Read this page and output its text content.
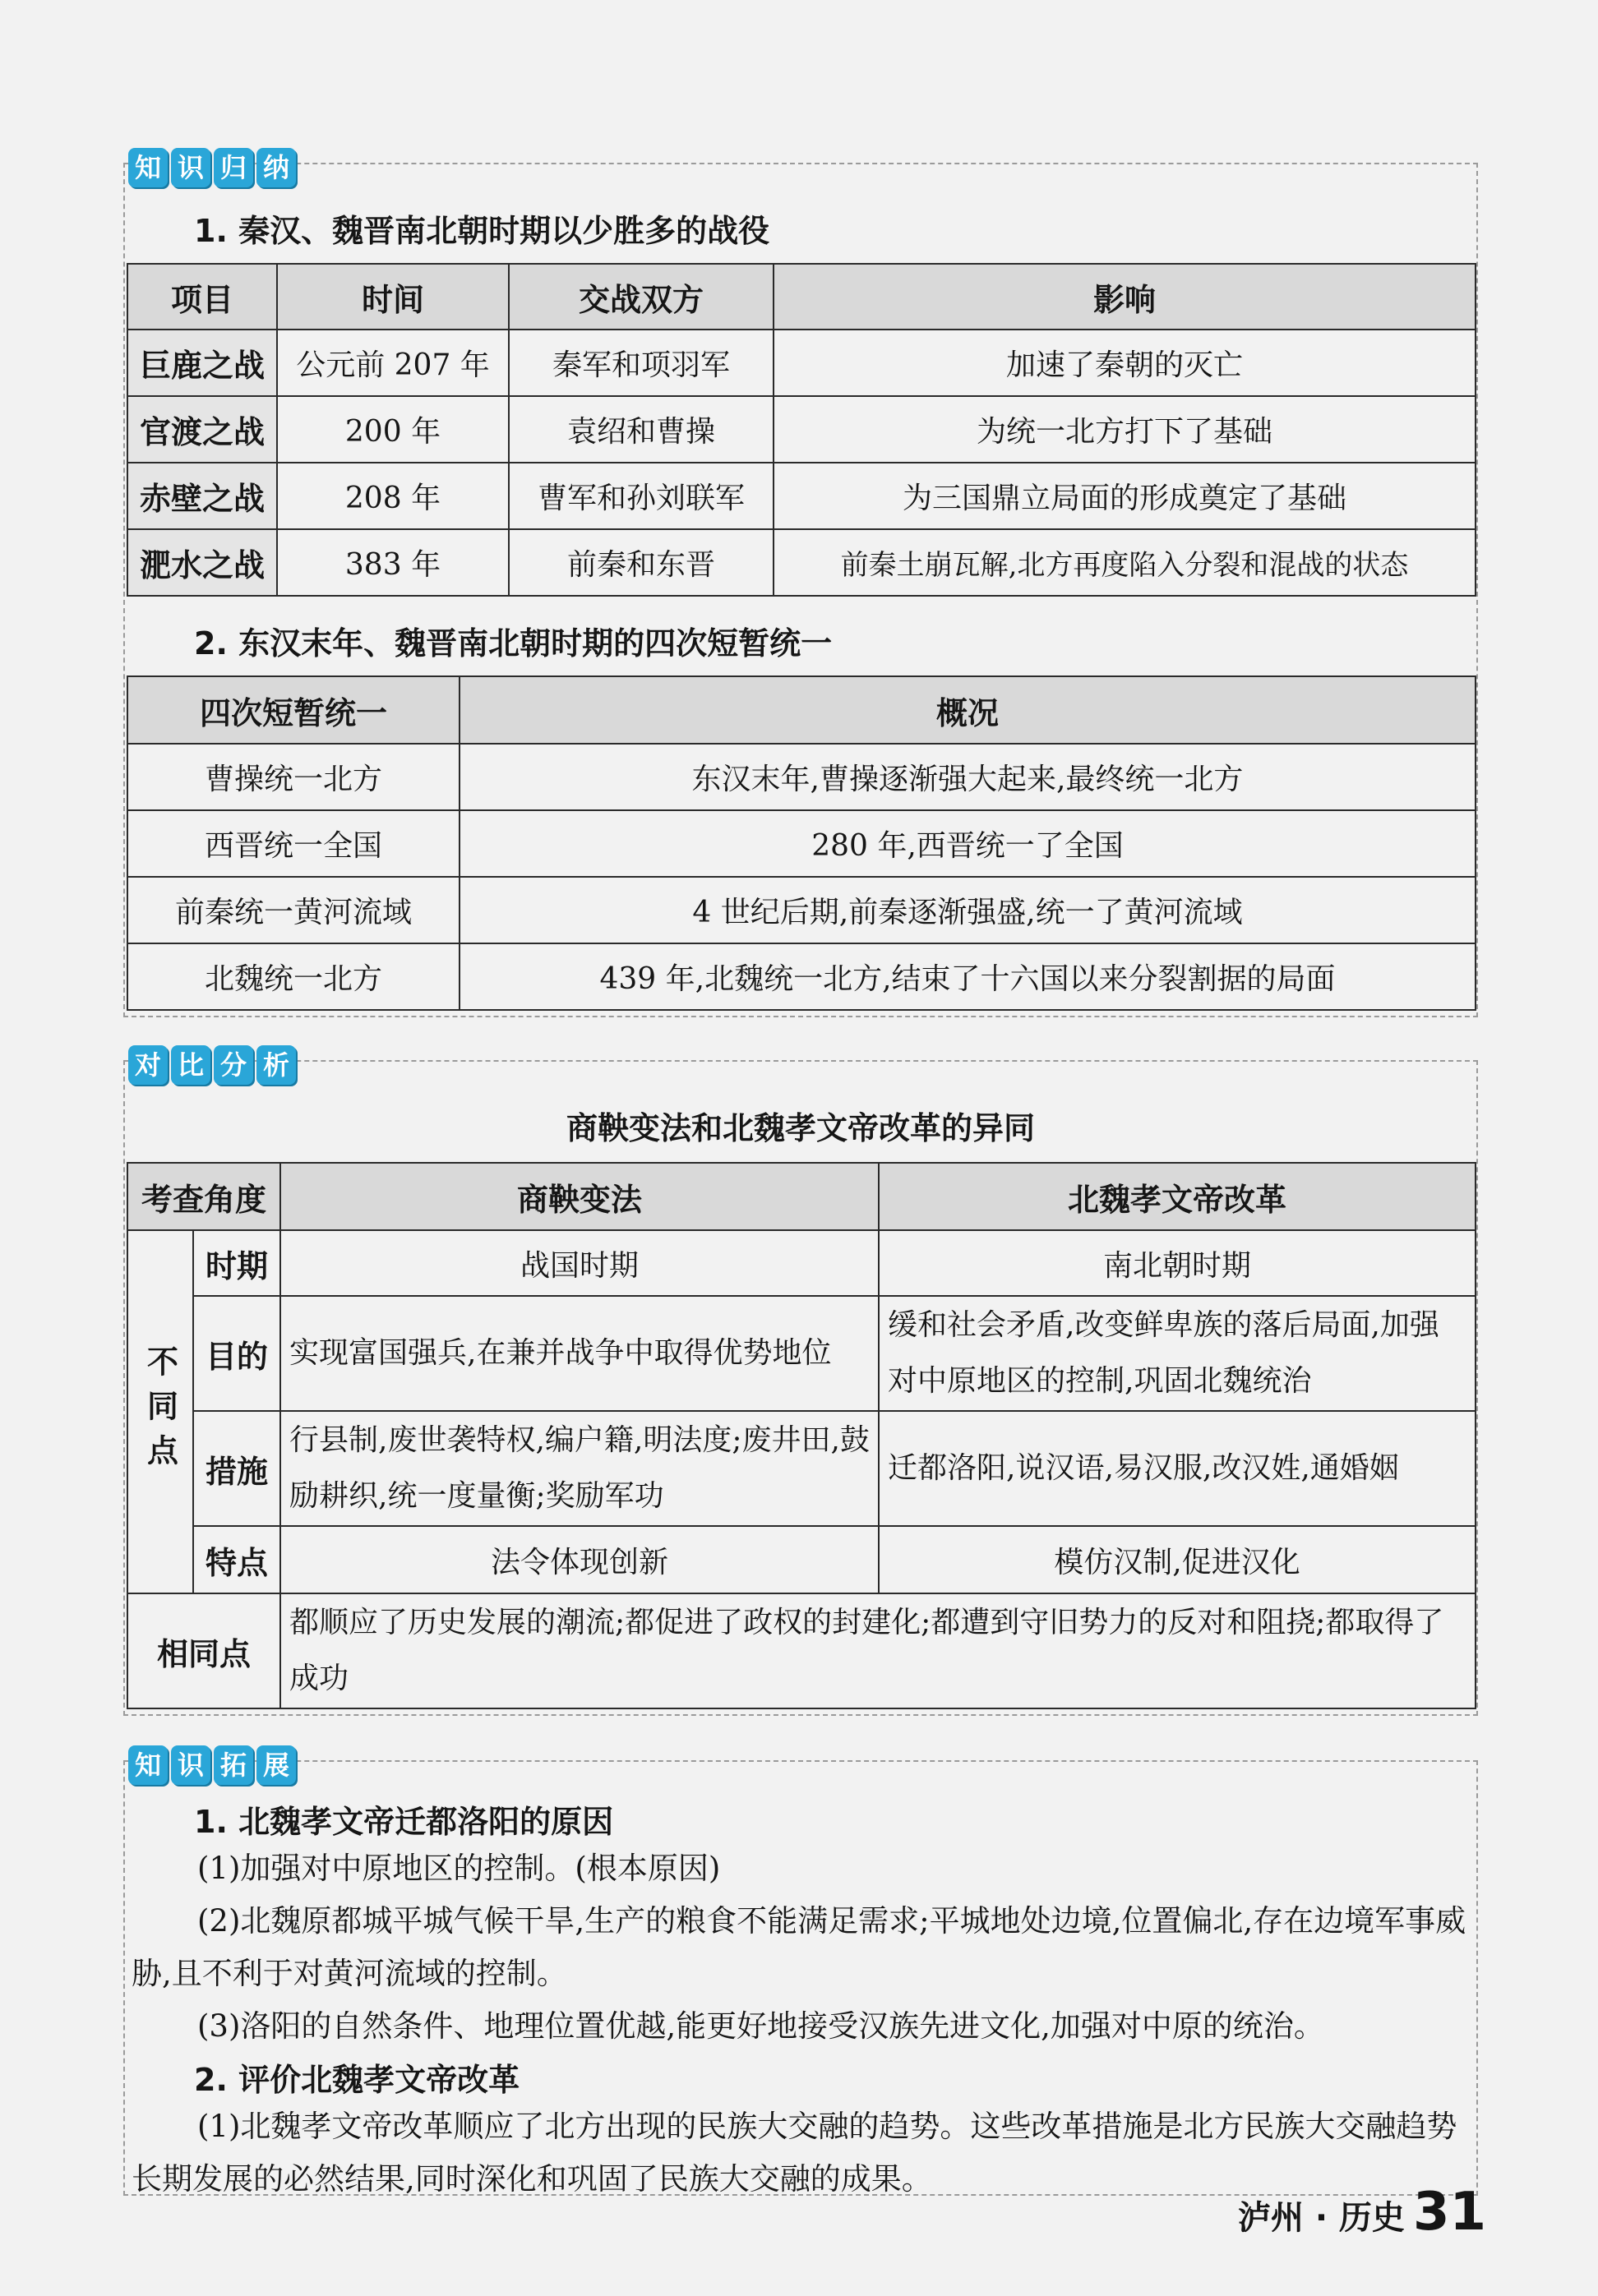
知 识 归 纳
1. 秦汉、魏晋南北朝时期以少胜多的战役
项目	时间	交战双方	影响
巨鹿之战	公元前 207 年	秦军和项羽军	加速了秦朝的灭亡
官渡之战	200 年	袁绍和曹操	为统一北方打下了基础
赤壁之战	208 年	曹军和孙刘联军	为三国鼎立局面的形成奠定了基础
淝水之战	383 年	前秦和东晋	前秦土崩瓦解,北方再度陷入分裂和混战的状态
2. 东汉末年、魏晋南北朝时期的四次短暂统一
四次短暂统一	概况
曹操统一北方	东汉末年,曹操逐渐强大起来,最终统一北方
西晋统一全国	280 年,西晋统一了全国
前秦统一黄河流域	4 世纪后期,前秦逐渐强盛,统一了黄河流域
北魏统一北方	439 年,北魏统一北方,结束了十六国以来分裂割据的局面
对 比 分 析
商鞅变法和北魏孝文帝改革的异同
考查角度		商鞅变法	北魏孝文帝改革
不同点	时期	战国时期	南北朝时期
	目的	实现富国强兵,在兼并战争中取得优势地位	缓和社会矛盾,改变鲜卑族的落后局面,加强对中原地区的控制,巩固北魏统治
	措施	行县制,废世袭特权,编户籍,明法度;废井田,鼓励耕织,统一度量衡;奖励军功	迁都洛阳,说汉语,易汉服,改汉姓,通婚姻
	特点	法令体现创新	模仿汉制,促进汉化
相同点		都顺应了历史发展的潮流;都促进了政权的封建化;都遭到守旧势力的反对和阻挠;都取得了成功	
知 识 拓 展
1. 北魏孝文帝迁都洛阳的原因
(1)加强对中原地区的控制。(根本原因)
(2)北魏原都城平城气候干旱,生产的粮食不能满足需求;平城地处边境,位置偏北,存在边境军事威胁,且不利于对黄河流域的控制。
(3)洛阳的自然条件、地理位置优越,能更好地接受汉族先进文化,加强对中原的统治。
2. 评价北魏孝文帝改革
(1)北魏孝文帝改革顺应了北方出现的民族大交融的趋势。这些改革措施是北方民族大交融趋势长期发展的必然结果,同时深化和巩固了民族大交融的成果。
泸州 · 历史 31
